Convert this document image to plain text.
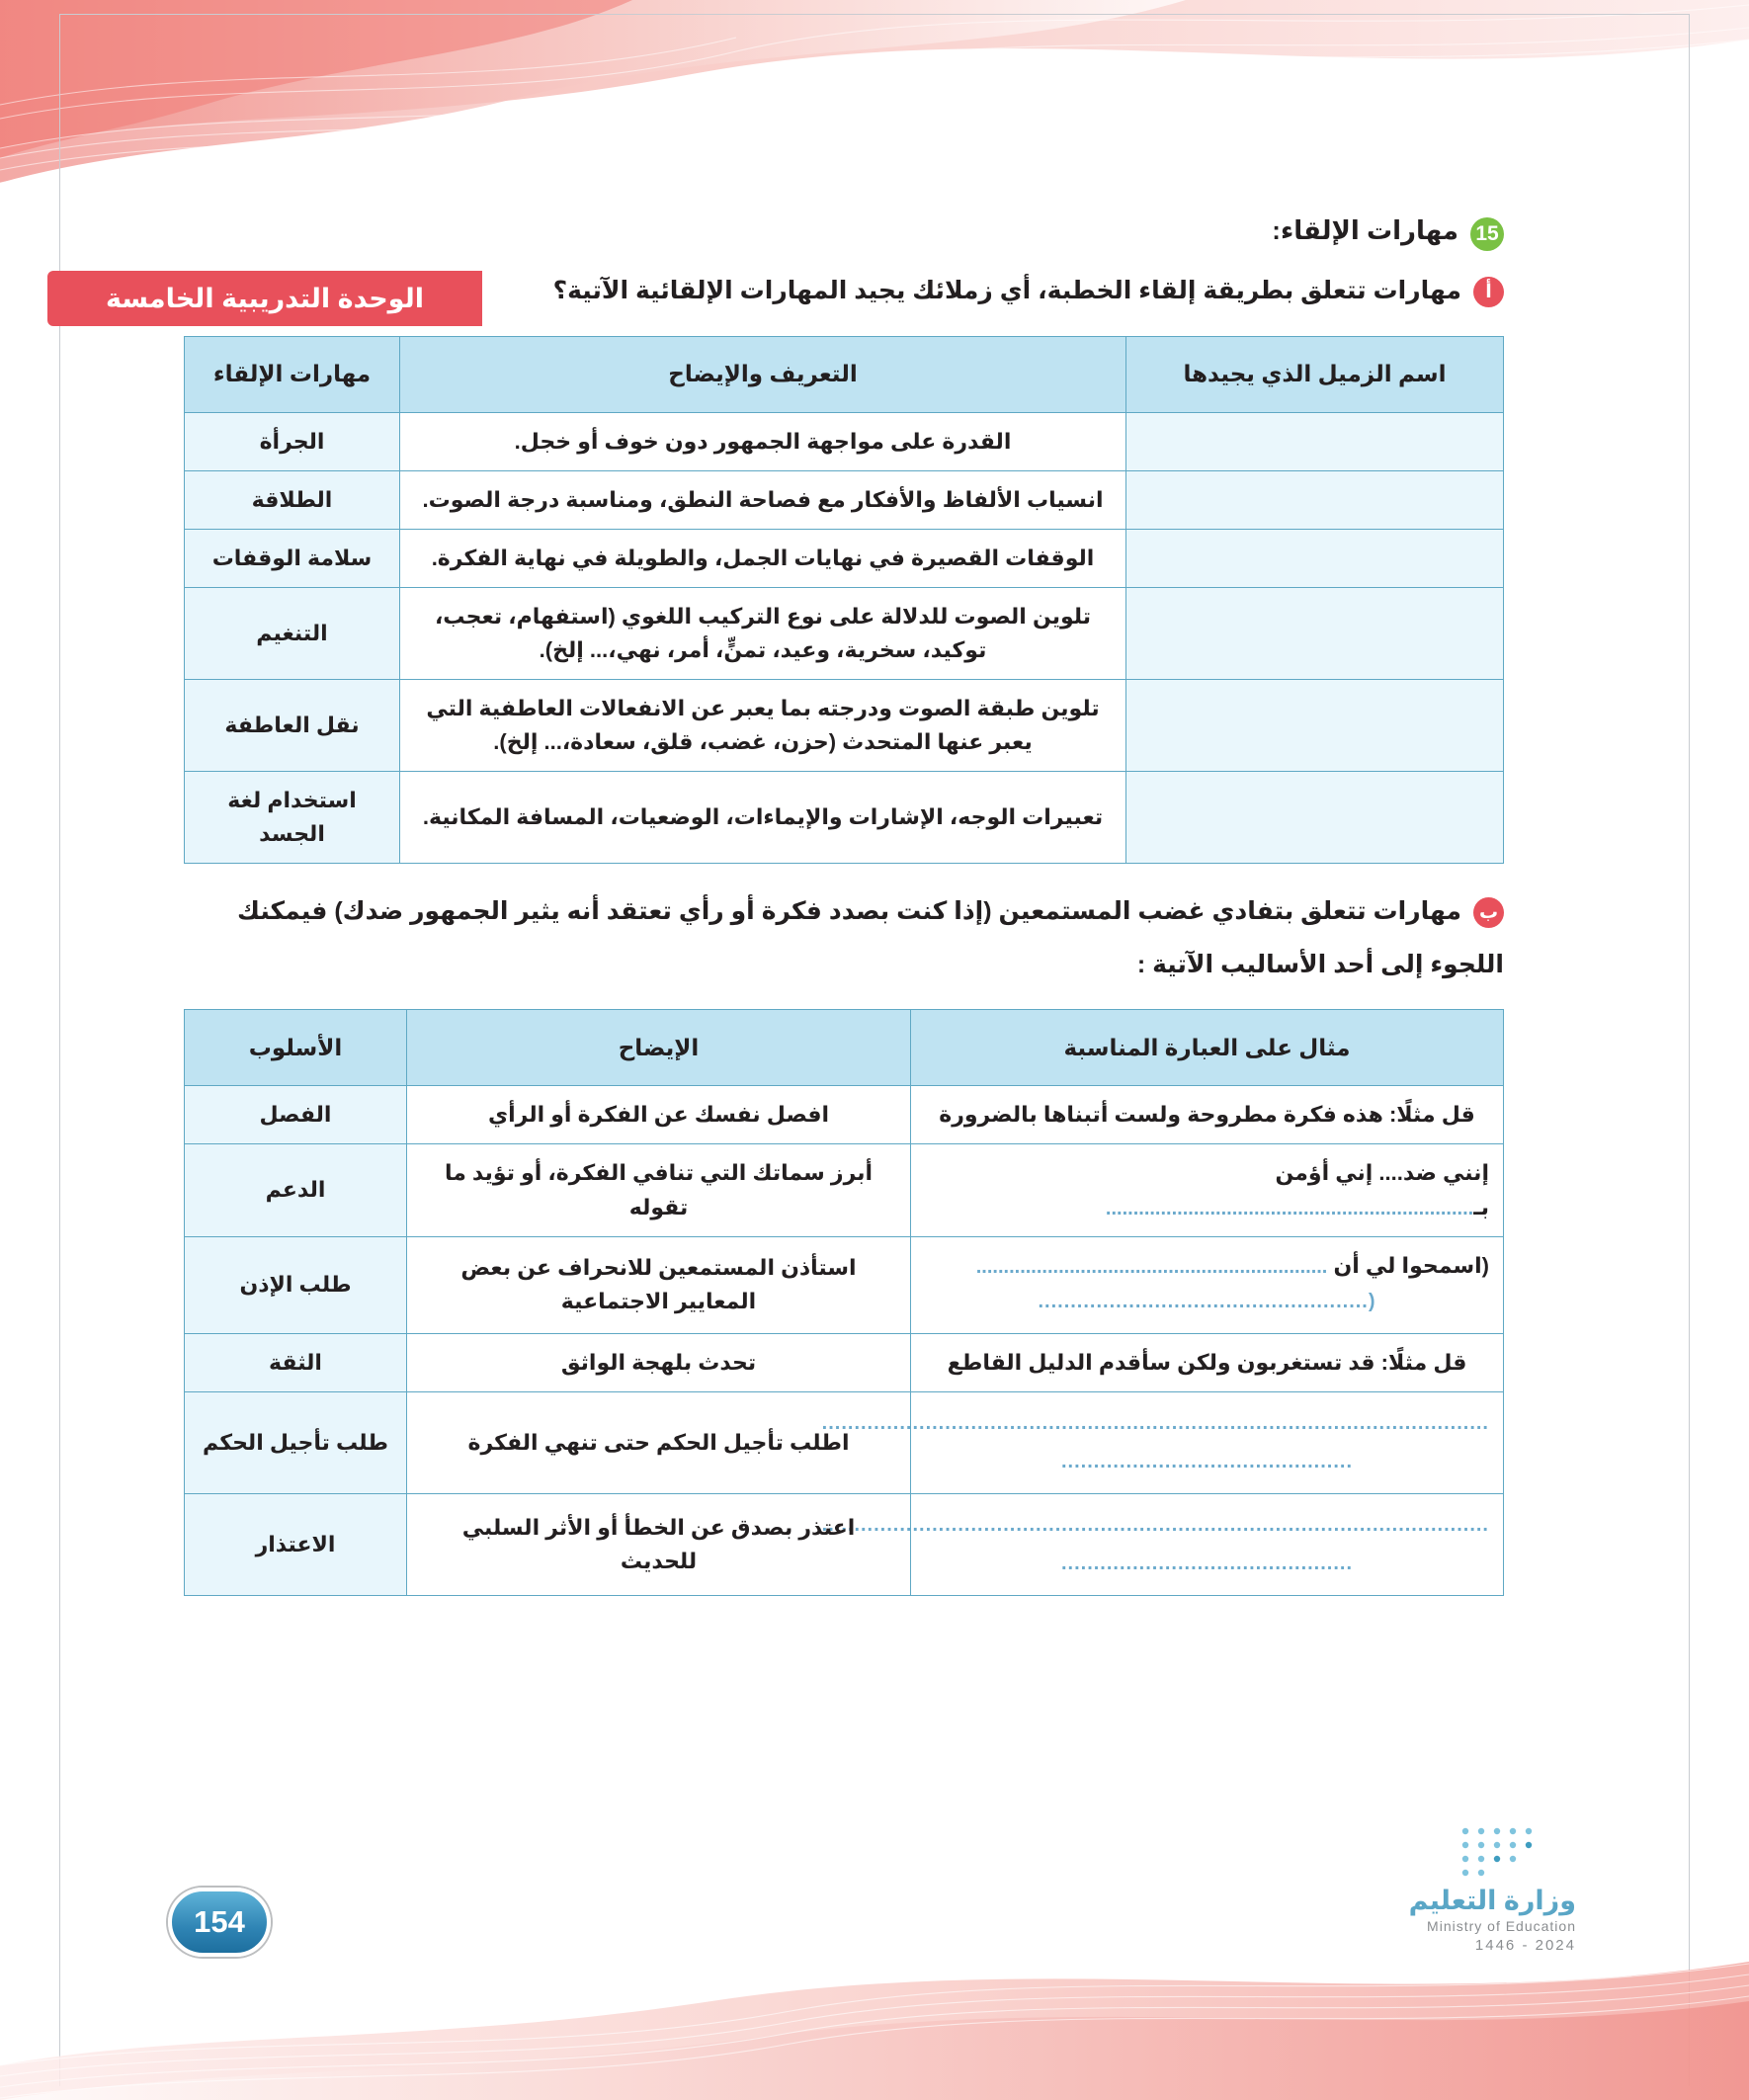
الوحدة التدريبية الخامسة
15
مهارات الإلقاء:
أ
مهارات تتعلق بطريقة إلقاء الخطبة، أي زملائك يجيد المهارات الإلقائية الآتية؟
اسم الزميل الذي يجيدها	التعريف والإيضاح	مهارات الإلقاء
	القدرة على مواجهة الجمهور دون خوف أو خجل.	الجرأة
	انسياب الألفاظ والأفكار مع فصاحة النطق، ومناسبة درجة الصوت.	الطلاقة
	الوقفات القصيرة في نهايات الجمل، والطويلة في نهاية الفكرة.	سلامة الوقفات
	تلوين الصوت للدلالة على نوع التركيب اللغوي (استفهام، تعجب، توكيد، سخرية، وعيد، تمنٍّ، أمر، نهي،... إلخ).	التنغيم
	تلوين طبقة الصوت ودرجته بما يعبر عن الانفعالات العاطفية التي يعبر عنها المتحدث (حزن، غضب، قلق، سعادة،... إلخ).	نقل العاطفة
	تعبيرات الوجه، الإشارات والإيماءات، الوضعيات، المسافة المكانية.	استخدام لغة الجسد
ب
مهارات تتعلق بتفادي غضب المستمعين (إذا كنت بصدد فكرة أو رأي تعتقد أنه يثير الجمهور ضدك) فيمكنك
اللجوء إلى أحد الأساليب الآتية :
مثال على العبارة المناسبة	الإيضاح	الأسلوب
قل مثلًا: هذه فكرة مطروحة ولست أتبناها بالضرورة	افصل نفسك عن الفكرة أو الرأي	الفصل

إنني ضد.... إني أؤمن بـ...................................................................	أبرز سماتك التي تنافي الفكرة، أو تؤيد ما تقوله	الدعم

(اسمحوا لي أن ................................................................
(...................................................	استأذن المستمعين للانحراف عن بعض المعايير الاجتماعية	طلب الإذن
قل مثلًا: قد تستغربون ولكن سأقدم الدليل القاطع	تحدث بلهجة الواثق	الثقة

.......................................................................................................
.............................................	اطلب تأجيل الحكم حتى تنهي الفكرة	طلب تأجيل الحكم

.......................................................................................................
.............................................	اعتذر بصدق عن الخطأ أو الأثر السلبي للحديث	الاعتذار
وزارة التعليم
Ministry of Education
2024 - 1446
154
